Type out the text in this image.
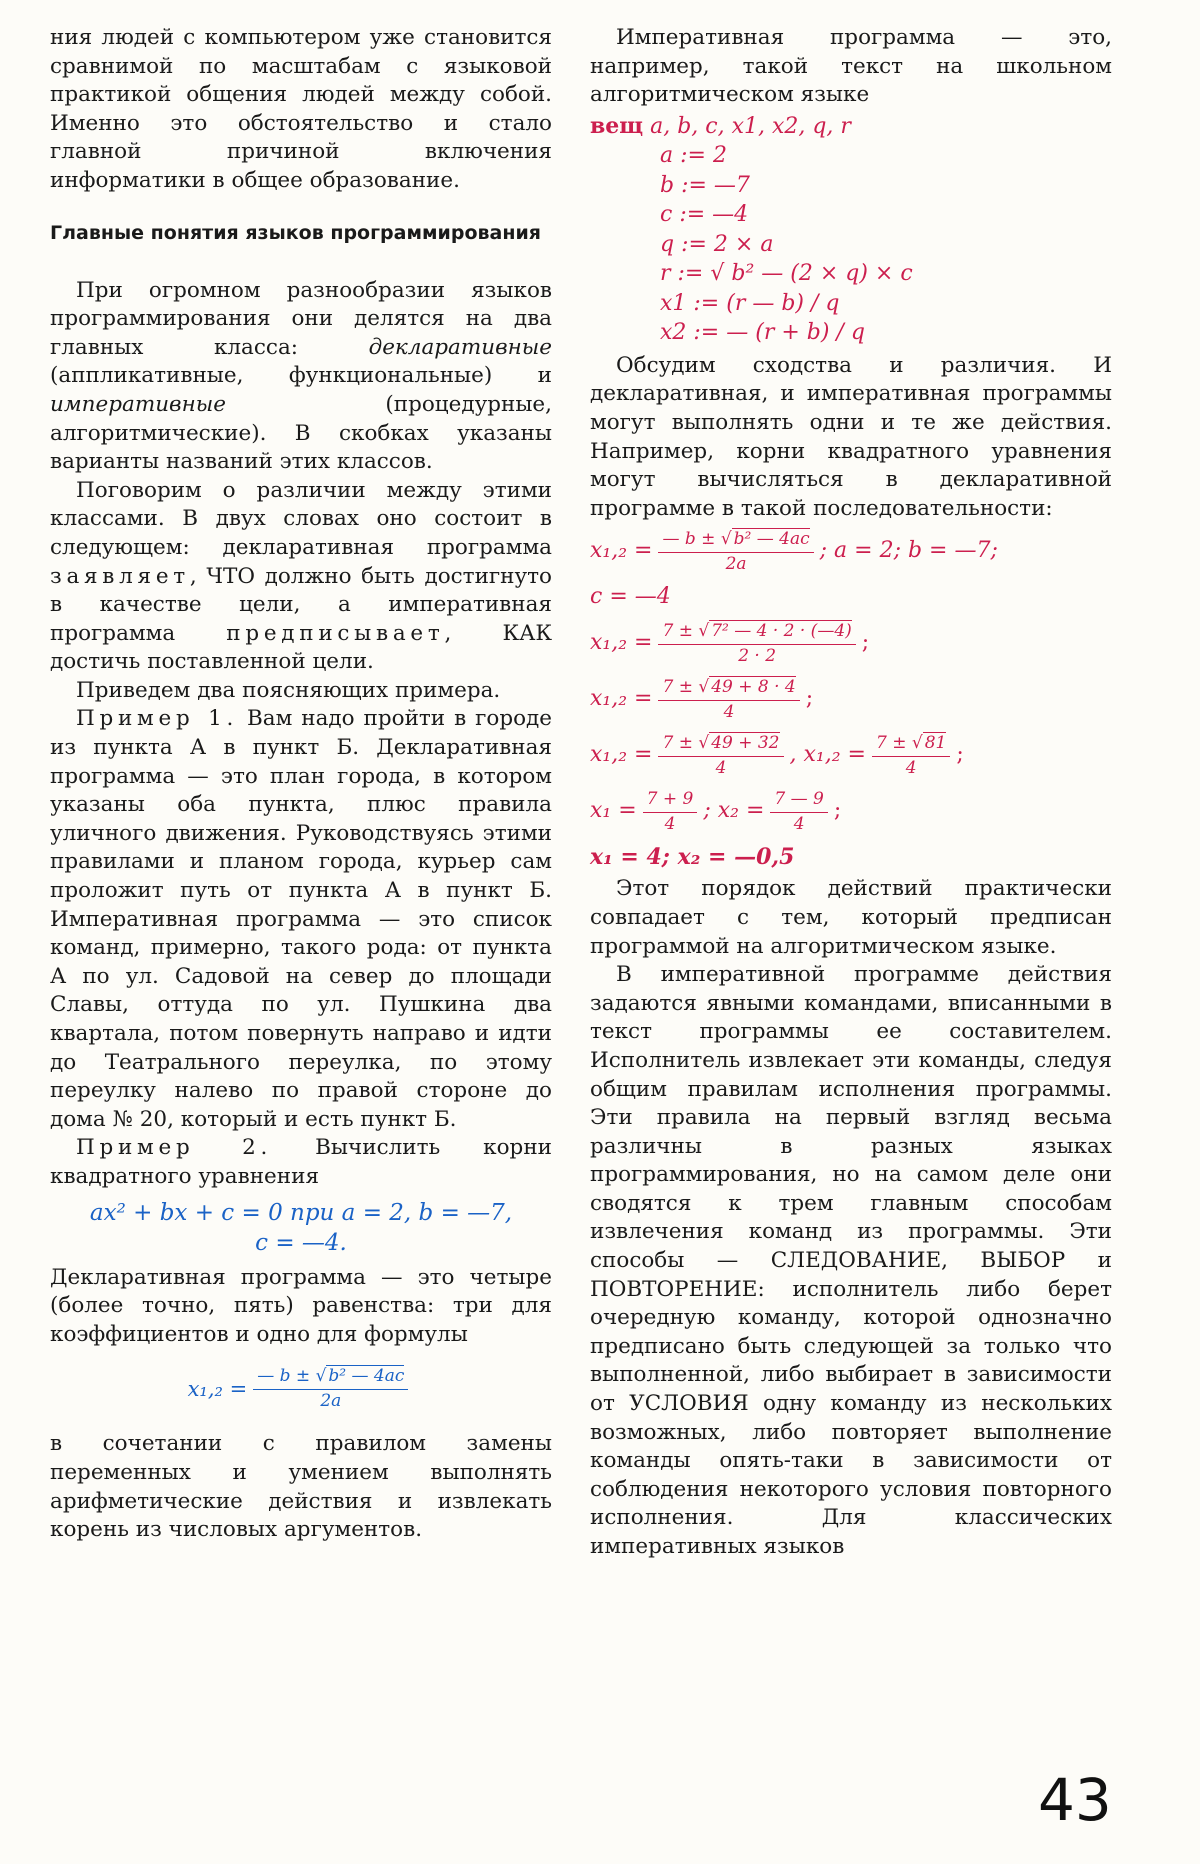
ния людей с компьютером уже становится сравнимой по масштабам с языковой практикой общения людей между собой. Именно это обстоятельство и стало главной причиной включения информатики в общее образование.

Главные понятия языков программирования

При огромном разнообразии языков программирования они делятся на два главных класса: декларативные (аппликативные, функциональные) и императивные (процедурные, алгоритмические). В скобках указаны варианты названий этих классов.

Поговорим о различии между этими классами. В двух словах оно состоит в следующем: декларативная программа заявляет, ЧТО должно быть достигнуто в качестве цели, а императивная программа предписывает, КАК достичь поставленной цели.

Приведем два поясняющих примера.

Пример 1. Вам надо пройти в городе из пункта А в пункт Б. Декларативная программа — это план города, в котором указаны оба пункта, плюс правила уличного движения. Руководствуясь этими правилами и планом города, курьер сам проложит путь от пункта А в пункт Б. Императивная программа — это список команд, примерно, такого рода: от пункта А по ул. Садовой на север до площади Славы, оттуда по ул. Пушкина два квартала, потом повернуть направо и идти до Театрального переулка, по этому переулку налево по правой стороне до дома № 20, который и есть пункт Б.

Пример 2. Вычислить корни квадратного уравнения

ax² + bx + c = 0 при a = 2, b = —7,
c = —4.

Декларативная программа — это четыре (более точно, пять) равенства: три для коэффициентов и одно для формулы

$x_1,_2 = \frac{\text{— b ± √ b² — 4ac}}{2a}$

в сочетании с правилом замены переменных и умением выполнять арифметические действия и извлекать корень из числовых аргументов.

Императивная программа — это, например, такой текст на школьном алгоритмическом языке

вещ a, b, c, x1, x2, q, r
a := 2
b := —7
c := —4
q := 2 × a
r := √ b² — (2 × q) × c
x1 := (r — b) / q
x2 := — (r + b) / q

Обсудим сходства и различия. И декларативная, и императивная программы могут выполнять одни и те же действия. Например, корни квадратного уравнения могут вычисляться в декларативной программе в такой последовательности:

$x_1,_2 = \frac{\text{— b ± √ b² — 4ac}}{2a}$ ; a = 2; b = —7;
c = —4
$x_1,_2 = \frac{\text{7 ± √ 7² — 4 · 2 · (—4)}}{2 \cdot 2}$ ;
$x_1,_2 = \frac{7 \pm √ 49 + 8 \cdot 4}{4}$ ;
$x_1,_2 = \frac{7 \pm √ 49 + 32}{4}$ , $x_1,_2 = \frac{7 \pm √ 81}{4}$ ;
$x_1 = \frac{7 + 9}{4}$ ; $x_2 = \frac{7 — 9}{4}$ ;
x₁ = 4; x₂ = —0,5

Этот порядок действий практически совпадает с тем, который предписан программой на алгоритмическом языке.

В императивной программе действия задаются явными командами, вписанными в текст программы ее составителем. Исполнитель извлекает эти команды, следуя общим правилам исполнения программы. Эти правила на первый взгляд весьма различны в разных языках программирования, но на самом деле они сводятся к трем главным способам извлечения команд из программы. Эти способы — СЛЕДОВАНИЕ, ВЫБОР и ПОВТОРЕНИЕ: исполнитель либо берет очередную команду, которой однозначно предписано быть следующей за только что выполненной, либо выбирает в зависимости от УСЛОВИЯ одну команду из нескольких возможных, либо повторяет выполнение команды опять-таки в зависимости от соблюдения некоторого условия повторного исполнения. Для классических императивных языков

43
